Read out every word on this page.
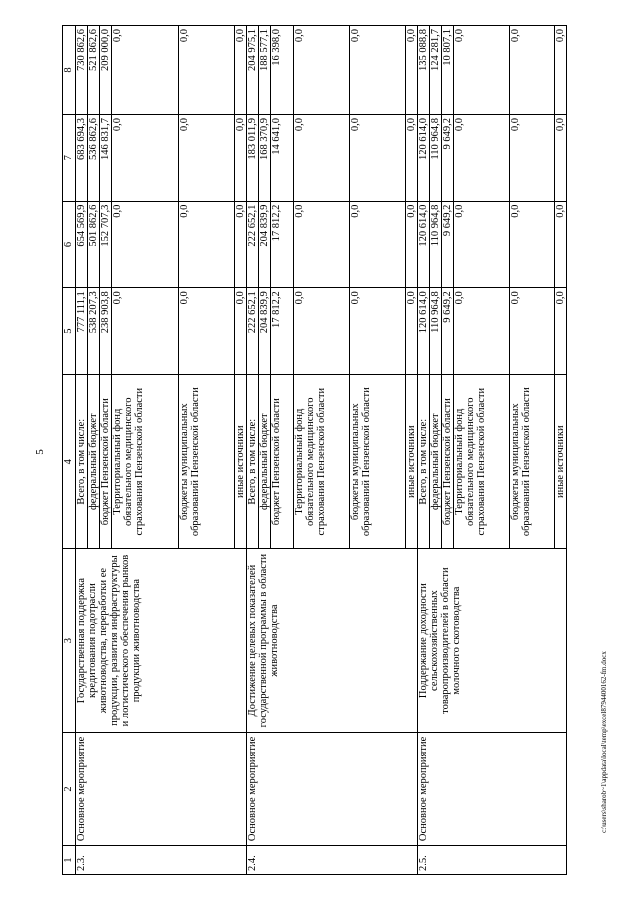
5
c:\users\sharob~1\appdata\local\temp\excel8794400162-fm.docx
1	2	3	4	5	6	7	8
2.3.	Основное мероприятие	Государственная поддержка кредитования подотрасли животноводства, переработки ее продукции, развития инфраструктуры и логистического обеспечения рынков продукции животноводства	Всего, в том числе:	777 111,1	654 569,9	683 694,3	730 862,6
			федеральный бюджет	538 207,3	501 862,6	536 862,6	521 862,6
			бюджет Пензенской области	238 903,8	152 707,3	146 831,7	209 000,0
			Территориальный фонд обязательного медицинского страхования Пензенской области	0,0	0,0	0,0	0,0
			бюджеты муниципальных образований Пензенской области	0,0	0,0	0,0	0,0
			иные источники	0,0	0,0	0,0	0,0
2.4.	Основное мероприятие	Достижение целевых показателей государственной программы в области животноводства	Всего, в том числе:	222 652,1	222 652,1	183 011,9	204 975,1
			федеральный бюджет	204 839,9	204 839,9	168 370,9	188 577,1
			бюджет Пензенской области	17 812,2	17 812,2	14 641,0	16 398,0
			Территориальный фонд обязательного медицинского страхования Пензенской области	0,0	0,0	0,0	0,0
			бюджеты муниципальных образований Пензенской области	0,0	0,0	0,0	0,0
			иные источники	0,0	0,0	0,0	0,0
2.5.	Основное мероприятие	Поддержание доходности сельскохозяйственных товаропроизводителей в области молочного скотоводства	Всего, в том числе:	120 614,0	120 614,0	120 614,0	135 088,8
			федеральный бюджет	110 964,8	110 964,8	110 964,8	124 281,7
			бюджет Пензенской области	9 649,2	9 649,2	9 649,2	10 807,1
			Территориальный фонд обязательного медицинского страхования Пензенской области	0,0	0,0	0,0	0,0
			бюджеты муниципальных образований Пензенской области	0,0	0,0	0,0	0,0
			иные источники	0,0	0,0	0,0	0,0
